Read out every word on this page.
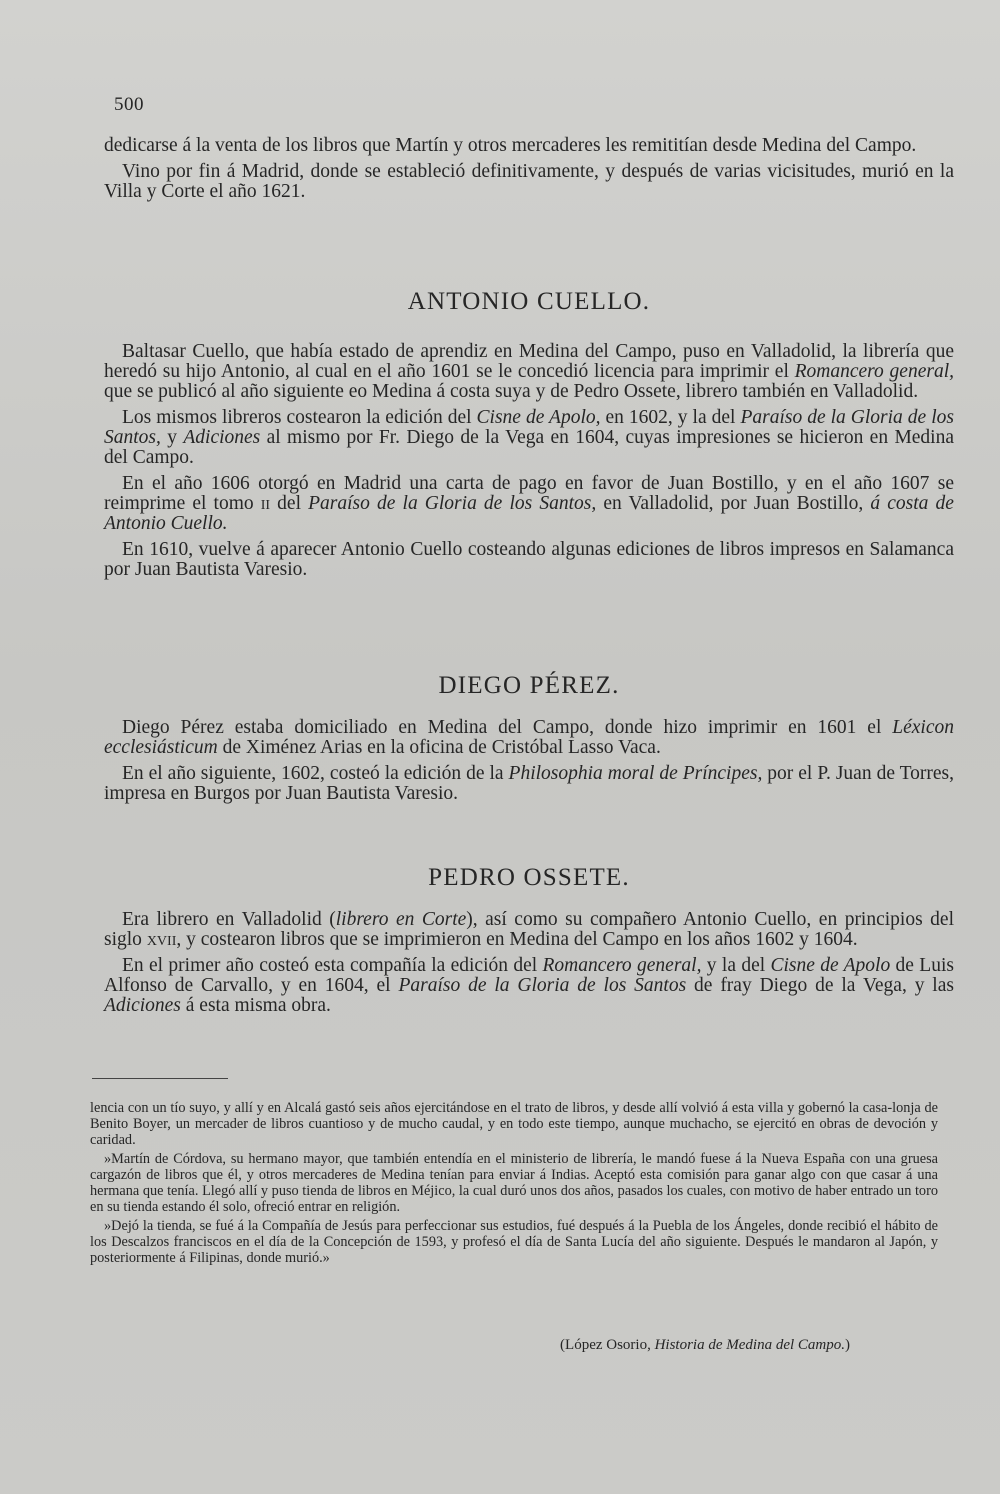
500

dedicarse á la venta de los libros que Martín y otros mercaderes les remititían desde Medina del Campo.

Vino por fin á Madrid, donde se estableció definitivamente, y después de varias vicisitudes, murió en la Villa y Corte el año 1621.

ANTONIO CUELLO.

Baltasar Cuello, que había estado de aprendiz en Medina del Campo, puso en Valladolid, la librería que heredó su hijo Antonio, al cual en el año 1601 se le concedió licencia para imprimir el Romancero general, que se publicó al año siguiente eo Medina á costa suya y de Pedro Ossete, librero también en Valladolid.

Los mismos libreros costearon la edición del Cisne de Apolo, en 1602, y la del Paraíso de la Gloria de los Santos, y Adiciones al mismo por Fr. Diego de la Vega en 1604, cuyas impresiones se hicieron en Medina del Campo.

En el año 1606 otorgó en Madrid una carta de pago en favor de Juan Bostillo, y en el año 1607 se reimprime el tomo ii del Paraíso de la Gloria de los Santos, en Valladolid, por Juan Bostillo, á costa de Antonio Cuello.

En 1610, vuelve á aparecer Antonio Cuello costeando algunas ediciones de libros impresos en Salamanca por Juan Bautista Varesio.

DIEGO PÉREZ.

Diego Pérez estaba domiciliado en Medina del Campo, donde hizo imprimir en 1601 el Léxicon ecclesiásticum de Ximénez Arias en la oficina de Cristóbal Lasso Vaca.

En el año siguiente, 1602, costeó la edición de la Philosophia moral de Príncipes, por el P. Juan de Torres, impresa en Burgos por Juan Bautista Varesio.

PEDRO OSSETE.

Era librero en Valladolid (librero en Corte), así como su compañero Antonio Cuello, en principios del siglo xvii, y costearon libros que se imprimieron en Medina del Campo en los años 1602 y 1604.

En el primer año costeó esta compañía la edición del Romancero general, y la del Cisne de Apolo de Luis Alfonso de Carvallo, y en 1604, el Paraíso de la Gloria de los Santos de fray Diego de la Vega, y las Adiciones á esta misma obra.

lencia con un tío suyo, y allí y en Alcalá gastó seis años ejercitándose en el trato de libros, y desde allí volvió á esta villa y gobernó la casa-lonja de Benito Boyer, un mercader de libros cuantioso y de mucho caudal, y en todo este tiempo, aunque muchacho, se ejercitó en obras de devoción y caridad.

»Martín de Córdova, su hermano mayor, que también entendía en el ministerio de librería, le mandó fuese á la Nueva España con una gruesa cargazón de libros que él, y otros mercaderes de Medina tenían para enviar á Indias. Aceptó esta comisión para ganar algo con que casar á una hermana que tenía. Llegó allí y puso tienda de libros en Méjico, la cual duró unos dos años, pasados los cuales, con motivo de haber entrado un toro en su tienda estando él solo, ofreció entrar en religión.

»Dejó la tienda, se fué á la Compañía de Jesús para perfeccionar sus estudios, fué después á la Puebla de los Ángeles, donde recibió el hábito de los Descalzos franciscos en el día de la Concepción de 1593, y profesó el día de Santa Lucía del año siguiente. Después le mandaron al Japón, y posteriormente á Filipinas, donde murió.»

(López Osorio, Historia de Medina del Campo.)
